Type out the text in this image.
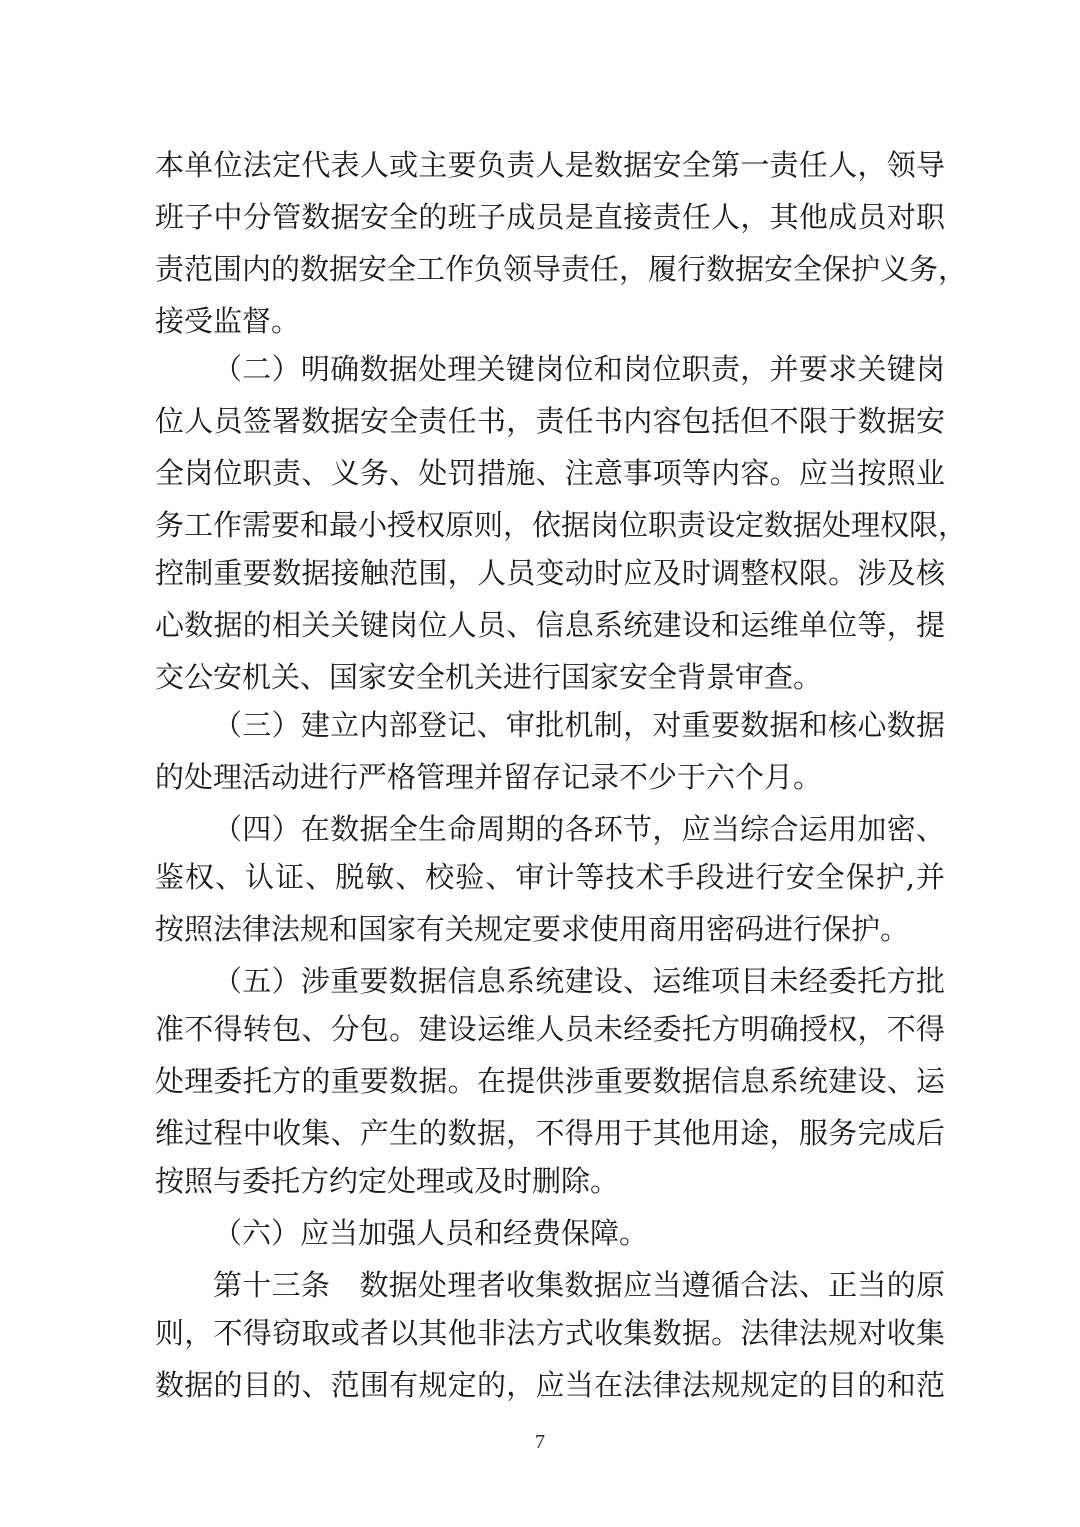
本单位法定代表人或主要负责人是数据安全第一责任人，领导
班子中分管数据安全的班子成员是直接责任人，其他成员对职
责范围内的数据安全工作负领导责任，履行数据安全保护义务，
接受监督。
（二）明确数据处理关键岗位和岗位职责，并要求关键岗
位人员签署数据安全责任书，责任书内容包括但不限于数据安
全岗位职责、义务、处罚措施、注意事项等内容。应当按照业
务工作需要和最小授权原则，依据岗位职责设定数据处理权限，
控制重要数据接触范围，人员变动时应及时调整权限。涉及核
心数据的相关关键岗位人员、信息系统建设和运维单位等，提
交公安机关、国家安全机关进行国家安全背景审查。
（三）建立内部登记、审批机制，对重要数据和核心数据
的处理活动进行严格管理并留存记录不少于六个月。
（四）在数据全生命周期的各环节，应当综合运用加密、
鉴权、认证、脱敏、校验、审计等技术手段进行安全保护,并
按照法律法规和国家有关规定要求使用商用密码进行保护。
（五）涉重要数据信息系统建设、运维项目未经委托方批
准不得转包、分包。建设运维人员未经委托方明确授权，不得
处理委托方的重要数据。在提供涉重要数据信息系统建设、运
维过程中收集、产生的数据，不得用于其他用途，服务完成后
按照与委托方约定处理或及时删除。
（六）应当加强人员和经费保障。
第十三条　数据处理者收集数据应当遵循合法、正当的原
则，不得窃取或者以其他非法方式收集数据。法律法规对收集
数据的目的、范围有规定的，应当在法律法规规定的目的和范
7
